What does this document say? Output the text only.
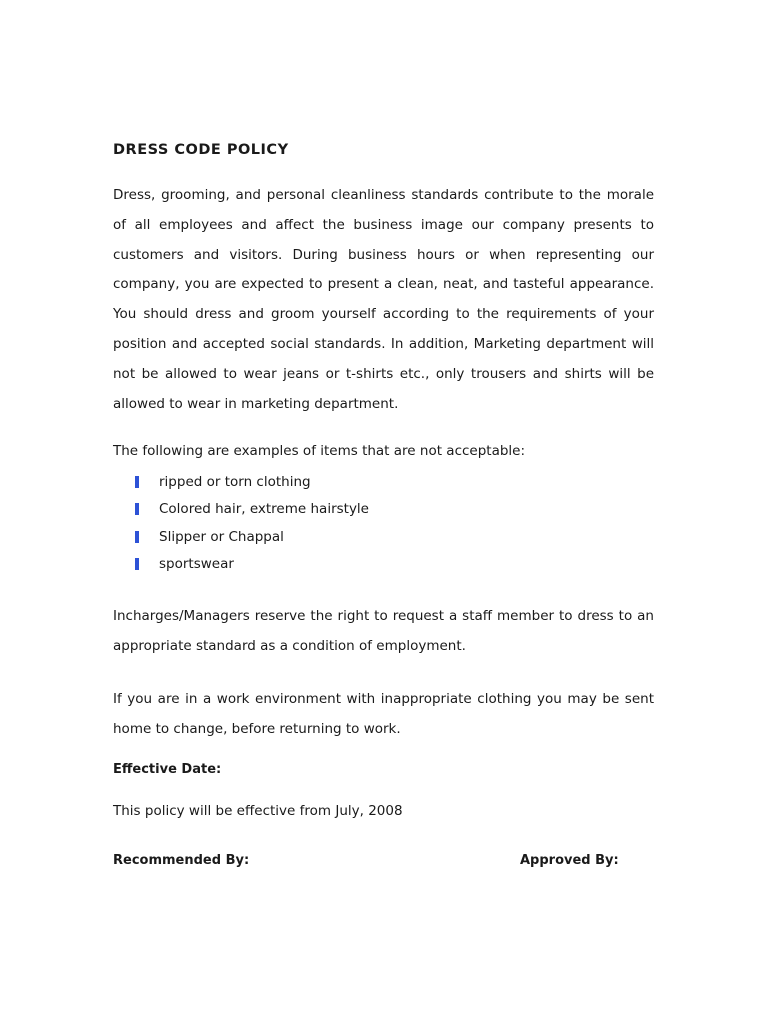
DRESS CODE POLICY

Dress, grooming, and personal cleanliness standards contribute to the morale of all employees and affect the business image our company presents to customers and visitors. During business hours or when representing our company, you are expected to present a clean, neat, and tasteful appearance. You should dress and groom yourself according to the requirements of your position and accepted social standards. In addition, Marketing department will not be allowed to wear jeans or t-shirts etc., only trousers and shirts will be allowed to wear in marketing department.

The following are examples of items that are not acceptable:

ripped or torn clothing
Colored hair, extreme hairstyle
Slipper or Chappal
sportswear

Incharges/Managers reserve the right to request a staff member to dress to an appropriate standard as a condition of employment.

If you are in a work environment with inappropriate clothing you may be sent home to change, before returning to work.

Effective Date:

This policy will be effective from July, 2008

Recommended By:	Approved By:
